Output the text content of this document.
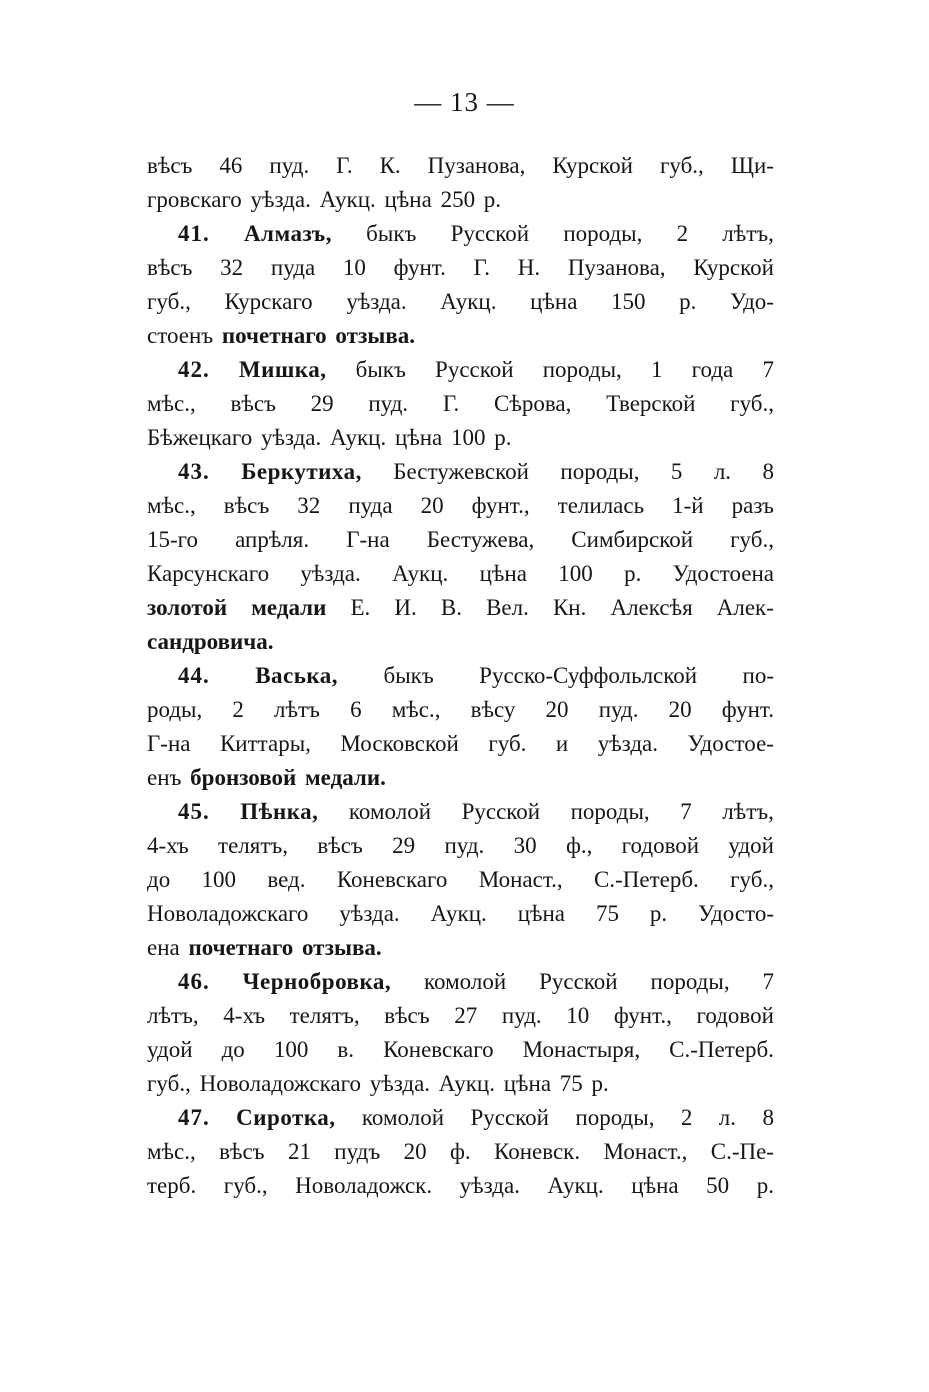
— 13 —
вѣсъ 46 пуд. Г. К. Пузанова, Курской губ., Щи-
гровскаго уѣзда. Аукц. цѣна 250 р.
41. Алмазъ, быкъ Русской породы, 2 лѣтъ,
вѣсъ 32 пуда 10 фунт. Г. Н. Пузанова, Курской
губ., Курскаго уѣзда. Аукц. цѣна 150 р. Удо-
стоенъ почетнаго отзыва.
42. Мишка, быкъ Русской породы, 1 года 7
мѣс., вѣсъ 29 пуд. Г. Сѣрова, Тверской губ.,
Бѣжецкаго уѣзда. Аукц. цѣна 100 р.
43. Беркутиха, Бестужевской породы, 5 л. 8
мѣс., вѣсъ 32 пуда 20 фунт., телилась 1-й разъ
15-го апрѣля. Г-на Бестужева, Симбирской губ.,
Карсунскаго уѣзда. Аукц. цѣна 100 р. Удостоена
золотой медали Е. И. В. Вел. Кн. Алексѣя Алек-
сандровича.
44. Васька, быкъ Русско-Суффольлской по-
роды, 2 лѣтъ 6 мѣс., вѣсу 20 пуд. 20 фунт.
Г-на Киттары, Московской губ. и уѣзда. Удостое-
енъ бронзовой медали.
45. Пѣнка, комолой Русской породы, 7 лѣтъ,
4-хъ телятъ, вѣсъ 29 пуд. 30 ф., годовой удой
до 100 вед. Коневскаго Монаст., С.-Петерб. губ.,
Новоладожскаго уѣзда. Аукц. цѣна 75 р. Удосто-
ена почетнаго отзыва.
46. Чернобровка, комолой Русской породы, 7
лѣтъ, 4-хъ телятъ, вѣсъ 27 пуд. 10 фунт., годовой
удой до 100 в. Коневскаго Монастыря, С.-Петерб.
губ., Новоладожскаго уѣзда. Аукц. цѣна 75 р.
47. Сиротка, комолой Русской породы, 2 л. 8
мѣс., вѣсъ 21 пудъ 20 ф. Коневск. Монаст., С.-Пе-
терб. губ., Новоладожск. уѣзда. Аукц. цѣна 50 р.
